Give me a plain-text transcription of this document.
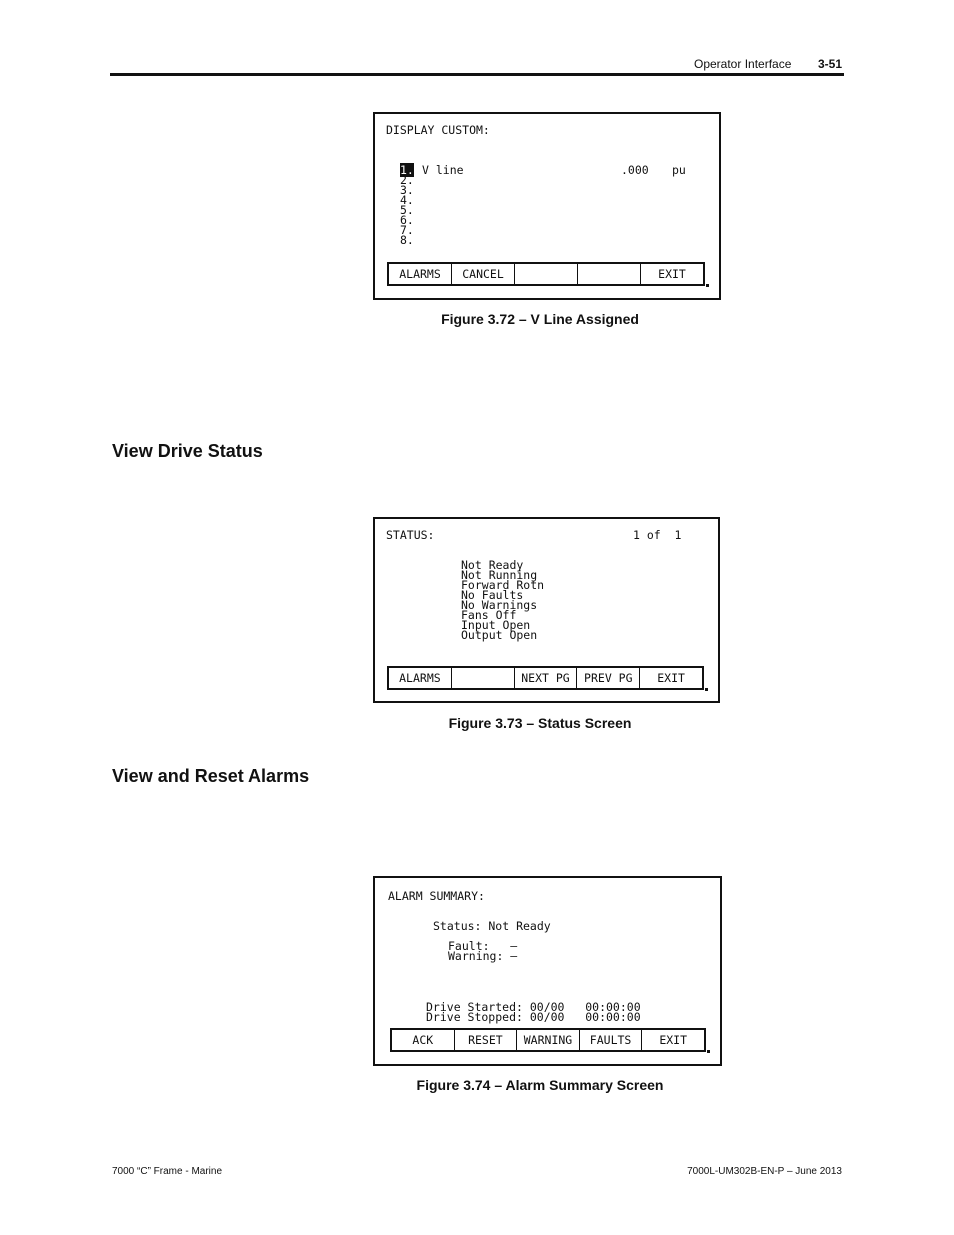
Operator Interface 3-51
DISPLAY CUSTOM:
1. V line	.000 pu
2.
3.
4.
5.
6.
7.
8.
ALARMS	CANCEL	EXIT
Figure 3.72 – V Line Assigned
View Drive Status
STATUS:	1 of  1
Not Ready
Not Running
Forward Rotn
No Faults
No Warnings
Fans Off
Input Open
Output Open
ALARMS	NEXT PG	PREV PG	EXIT
Figure 3.73 – Status Screen
View and Reset Alarms
ALARM SUMMARY:
Status: Not Ready
Fault:   –
Warning: –
Drive Started: 00/00   00:00:00
Drive Stopped: 00/00   00:00:00
ACK	RESET	WARNING	FAULTS	EXIT
Figure 3.74 – Alarm Summary Screen
7000 “C” Frame - Marine	7000L-UM302B-EN-P – June 2013
